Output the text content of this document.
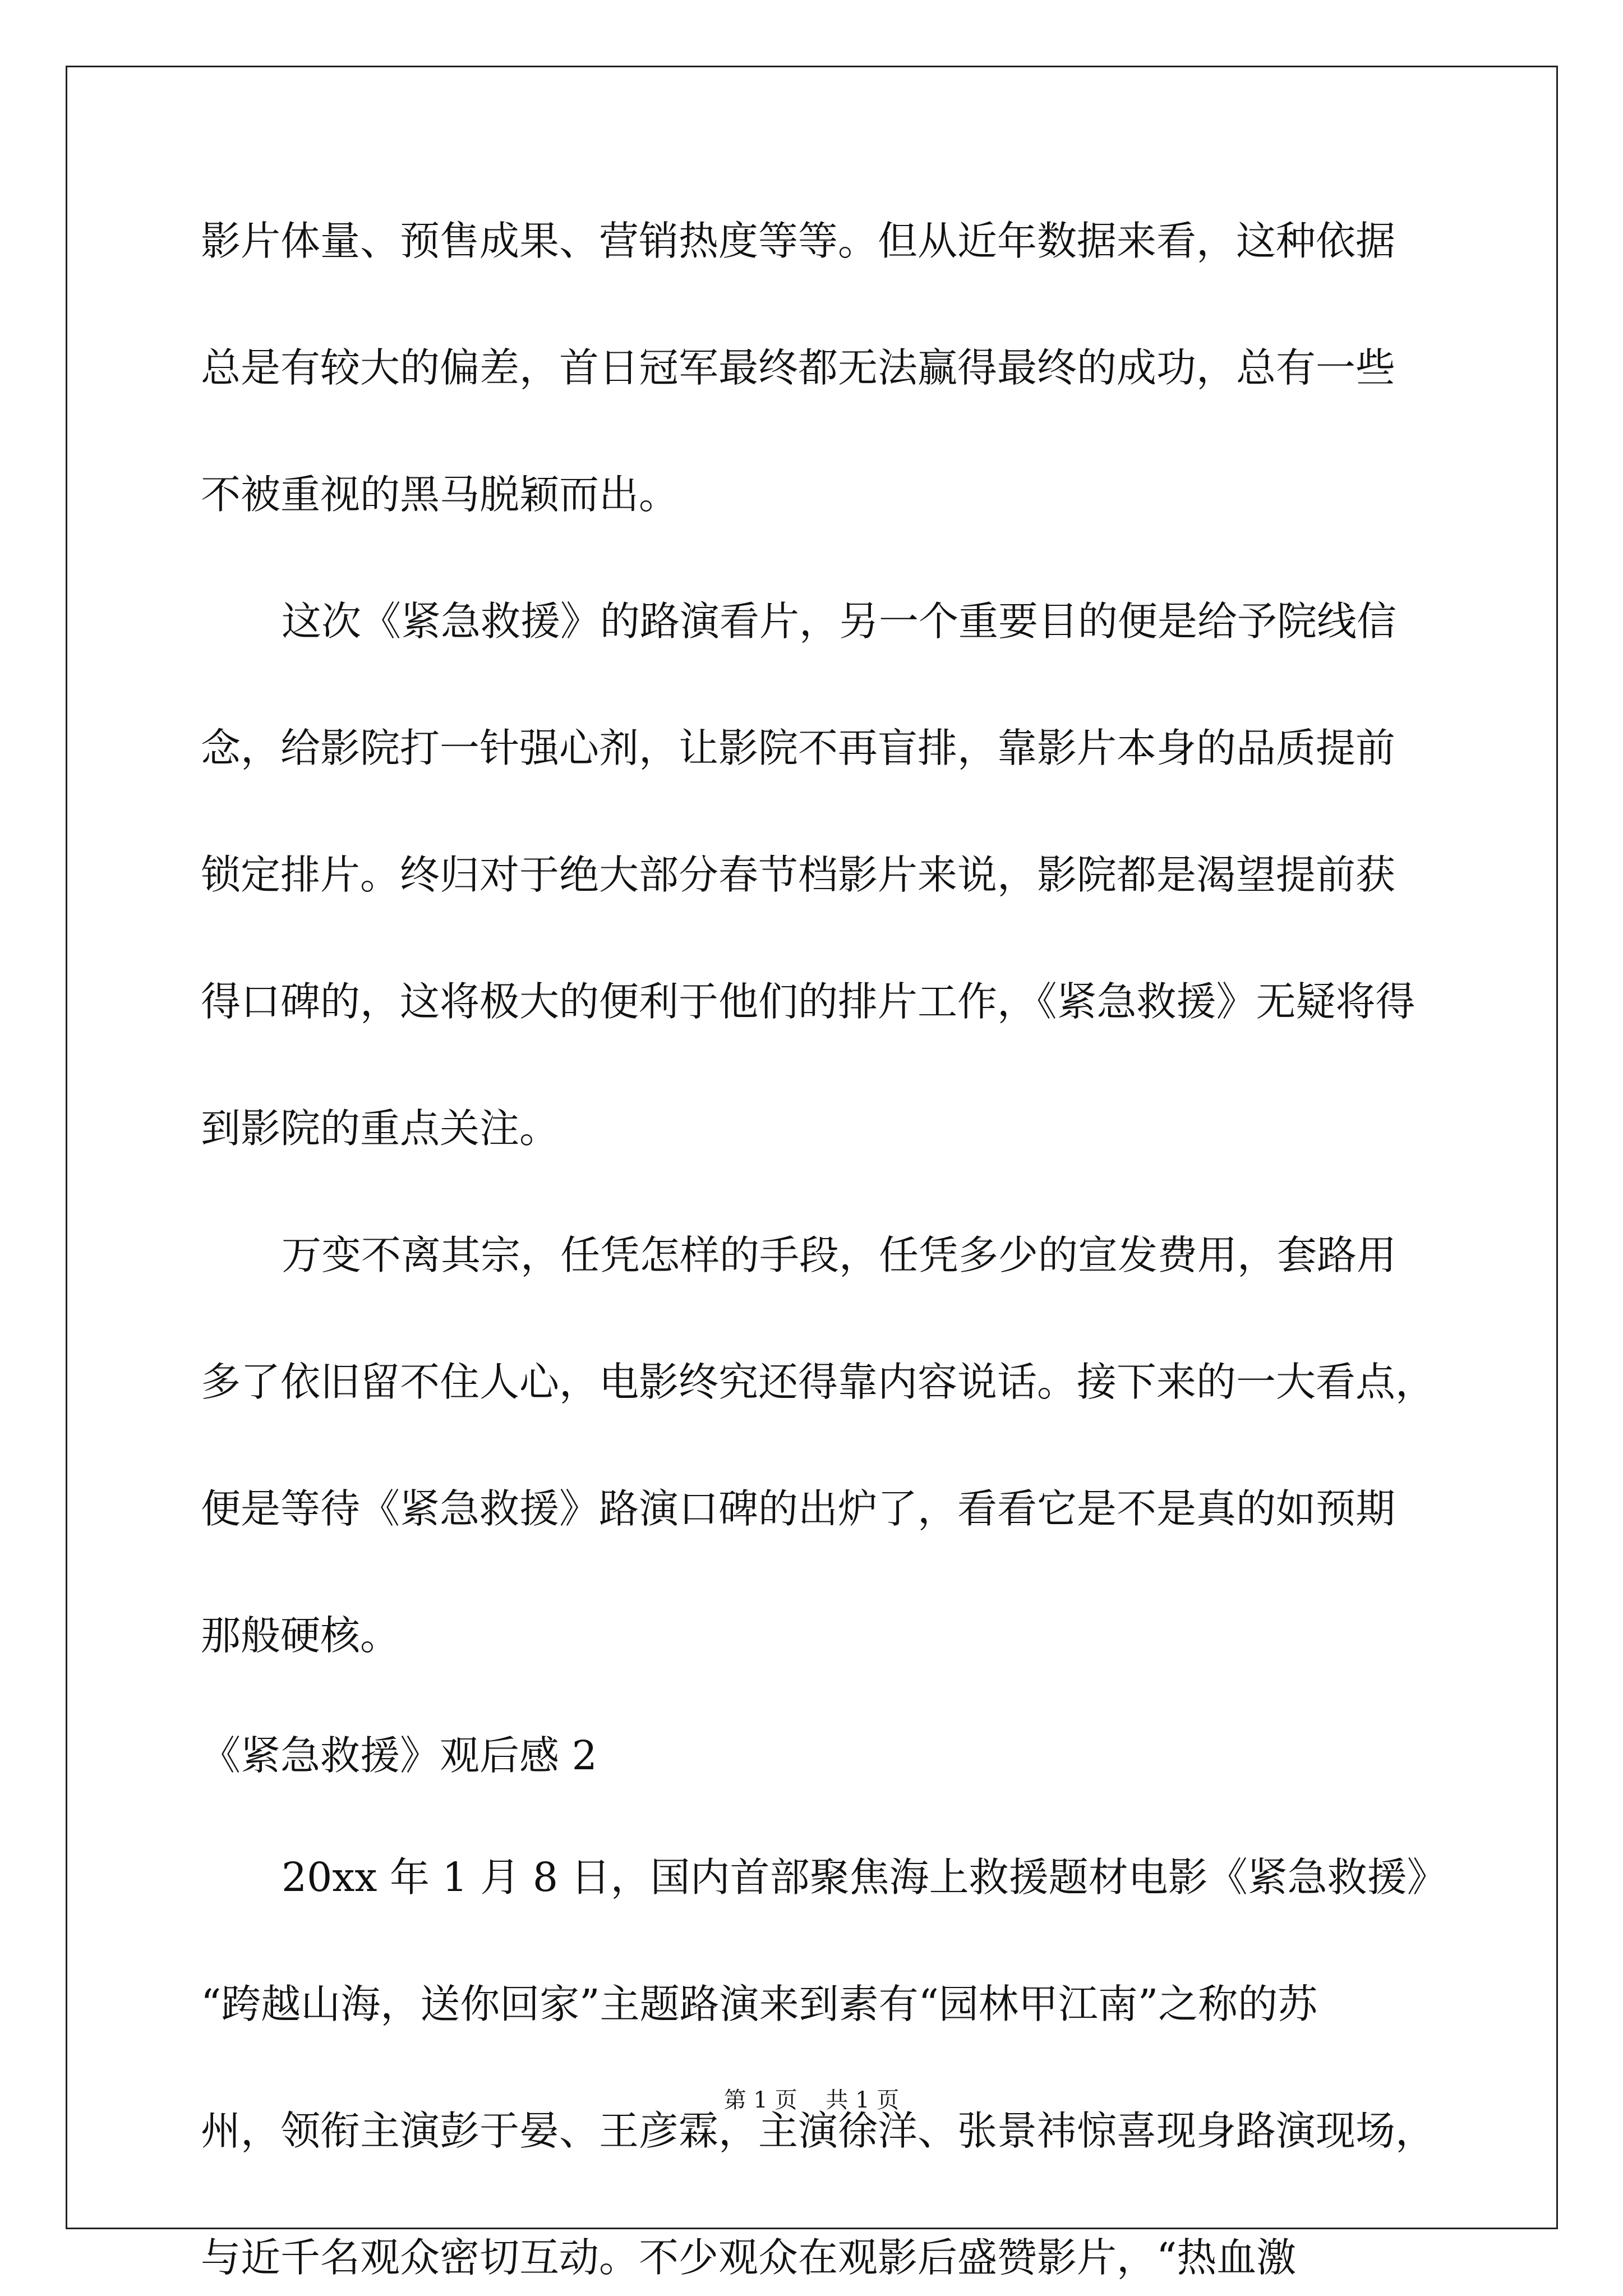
影片体量、预售成果、营销热度等等。但从近年数据来看，这种依据
总是有较大的偏差，首日冠军最终都无法赢得最终的成功，总有一些
不被重视的黑马脱颖而出。
这次《紧急救援》的路演看片，另一个重要目的便是给予院线信
念，给影院打一针强心剂，让影院不再盲排，靠影片本身的品质提前
锁定排片。终归对于绝大部分春节档影片来说，影院都是渴望提前获
得口碑的，这将极大的便利于他们的排片工作，《紧急救援》无疑将得
到影院的重点关注。
万变不离其宗，任凭怎样的手段，任凭多少的宣发费用，套路用
多了依旧留不住人心，电影终究还得靠内容说话。接下来的一大看点，
便是等待《紧急救援》路演口碑的出炉了，看看它是不是真的如预期
那般硬核。
《紧急救援》观后感 2
20xx 年 1 月 8 日，国内首部聚焦海上救援题材电影《紧急救援》
“跨越山海，送你回家”主题路演来到素有“园林甲江南”之称的苏
州，领衔主演彭于晏、王彦霖，主演徐洋、张景祎惊喜现身路演现场，
与近千名观众密切互动。不少观众在观影后盛赞影片，“热血激
第 1 页    共 1 页
